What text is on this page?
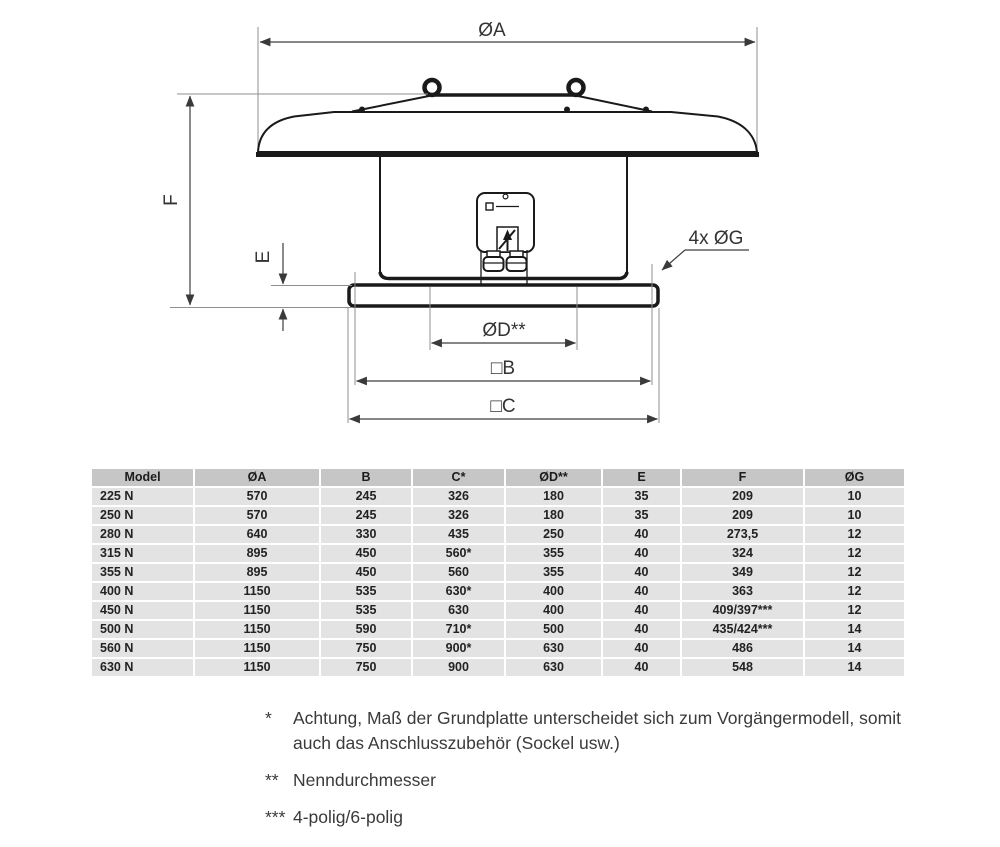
ØA
F
E
ØD**
□B
□C
4x ØG
Model	ØA	B	C*	ØD**	E	F	ØG
225 N	570	245	326	180	35	209	10
250 N	570	245	326	180	35	209	10
280 N	640	330	435	250	40	273,5	12
315 N	895	450	560*	355	40	324	12
355 N	895	450	560	355	40	349	12
400 N	1150	535	630*	400	40	363	12
450 N	1150	535	630	400	40	409/397***	12
500 N	1150	590	710*	500	40	435/424***	14
560 N	1150	750	900*	630	40	486	14
630 N	1150	750	900	630	40	548	14
*	Achtung, Maß der Grundplatte unterscheidet sich zum Vorgängermodell, somit auch das Anschlusszubehör (Sockel usw.)
** Nenndurchmesser
*** 4-polig/6-polig
